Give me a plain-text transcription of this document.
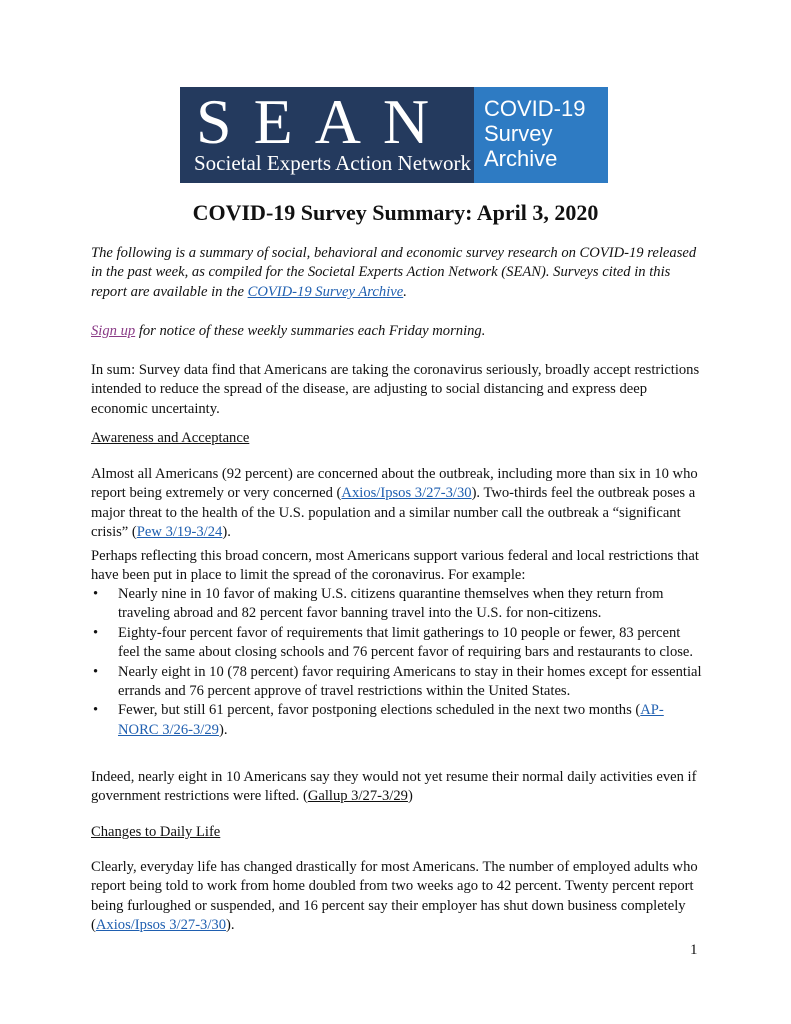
SEAN
Societal Experts Action Network
COVID-19
Survey
Archive
COVID-19 Survey Summary: April 3, 2020

The following is a summary of social, behavioral and economic survey research on COVID-19 released in the past week, as compiled for the Societal Experts Action Network (SEAN). Surveys cited in this report are available in the COVID-19 Survey Archive.

Sign up for notice of these weekly summaries each Friday morning.

In sum: Survey data find that Americans are taking the coronavirus seriously, broadly accept restrictions intended to reduce the spread of the disease, are adjusting to social distancing and express deep economic uncertainty.

Awareness and Acceptance

Almost all Americans (92 percent) are concerned about the outbreak, including more than six in 10 who report being extremely or very concerned (Axios/Ipsos 3/27-3/30). Two-thirds feel the outbreak poses a major threat to the health of the U.S. population and a similar number call the outbreak a “significant crisis” (Pew 3/19-3/24).

Perhaps reflecting this broad concern, most Americans support various federal and local restrictions that have been put in place to limit the spread of the coronavirus. For example:

• Nearly nine in 10 favor of making U.S. citizens quarantine themselves when they return from traveling abroad and 82 percent favor banning travel into the U.S. for non-citizens.
• Eighty-four percent favor of requirements that limit gatherings to 10 people or fewer, 83 percent feel the same about closing schools and 76 percent favor of requiring bars and restaurants to close.
• Nearly eight in 10 (78 percent) favor requiring Americans to stay in their homes except for essential errands and 76 percent approve of travel restrictions within the United States.
• Fewer, but still 61 percent, favor postponing elections scheduled in the next two months (AP-NORC 3/26-3/29).

Indeed, nearly eight in 10 Americans say they would not yet resume their normal daily activities even if government restrictions were lifted. (Gallup 3/27-3/29)

Changes to Daily Life

Clearly, everyday life has changed drastically for most Americans. The number of employed adults who report being told to work from home doubled from two weeks ago to 42 percent. Twenty percent report being furloughed or suspended, and 16 percent say their employer has shut down business completely (Axios/Ipsos 3/27-3/30).

1
